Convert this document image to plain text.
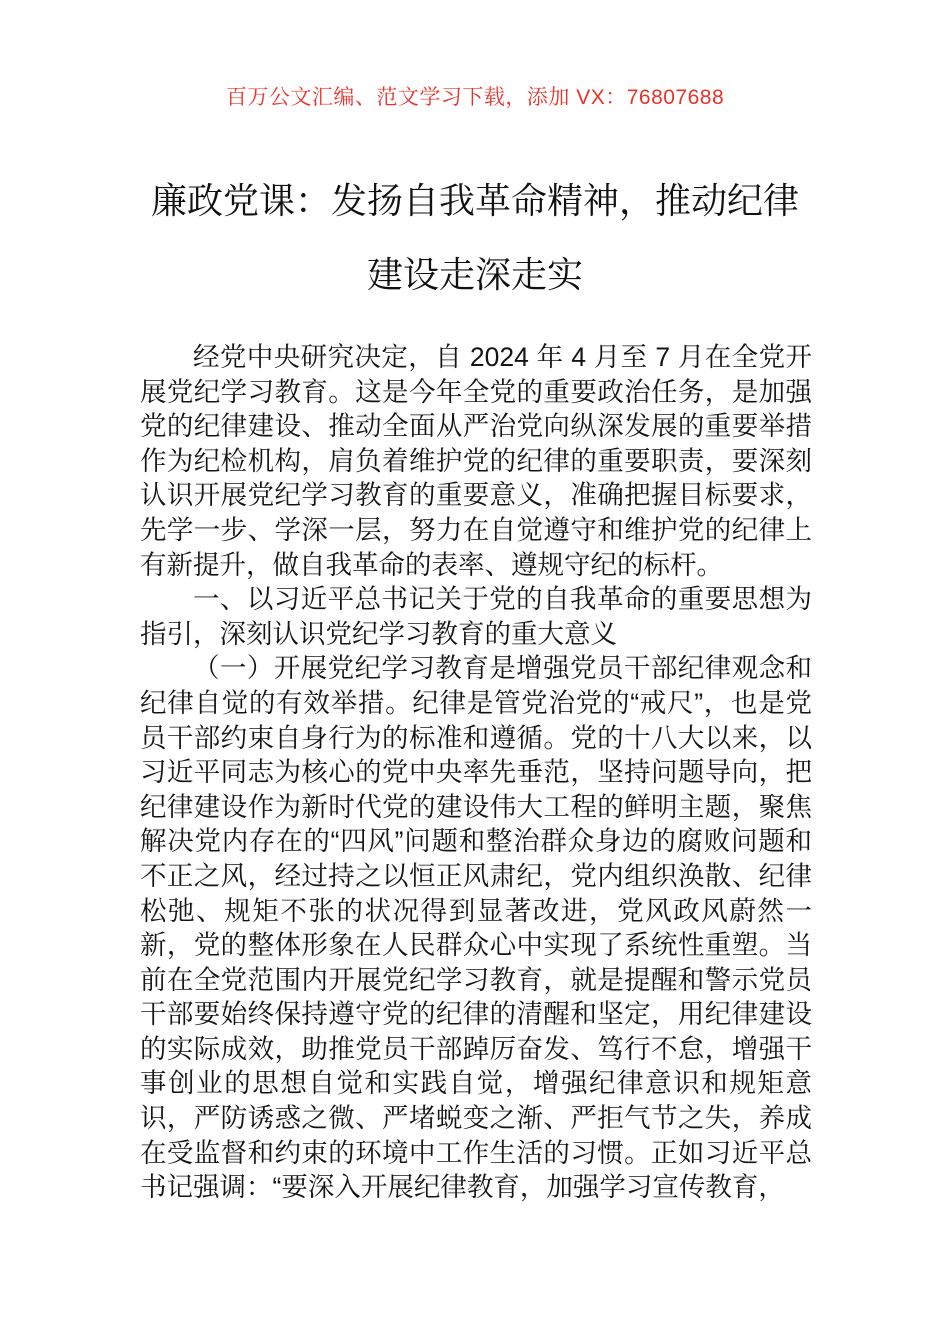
百万公文汇编、范文学习下载，添加 VX：76807688
廉政党课：发扬自我革命精神，推动纪律建设走深走实

经党中央研究决定，自 2024 年 4 月至 7 月在全党开展党纪学习教育。这是今年全党的重要政治任务，是加强党的纪律建设、推动全面从严治党向纵深发展的重要举措作为纪检机构，肩负着维护党的纪律的重要职责，要深刻认识开展党纪学习教育的重要意义，准确把握目标要求，先学一步、学深一层，努力在自觉遵守和维护党的纪律上有新提升，做自我革命的表率、遵规守纪的标杆。

一、以习近平总书记关于党的自我革命的重要思想为指引，深刻认识党纪学习教育的重大意义

（一）开展党纪学习教育是增强党员干部纪律观念和纪律自觉的有效举措。纪律是管党治党的“戒尺”，也是党员干部约束自身行为的标准和遵循。党的十八大以来，以习近平同志为核心的党中央率先垂范，坚持问题导向，把纪律建设作为新时代党的建设伟大工程的鲜明主题，聚焦解决党内存在的“四风”问题和整治群众身边的腐败问题和不正之风，经过持之以恒正风肃纪，党内组织涣散、纪律松弛、规矩不张的状况得到显著改进，党风政风蔚然一新，党的整体形象在人民群众心中实现了系统性重塑。当前在全党范围内开展党纪学习教育，就是提醒和警示党员干部要始终保持遵守党的纪律的清醒和坚定，用纪律建设的实际成效，助推党员干部踔厉奋发、笃行不怠，增强干事创业的思想自觉和实践自觉，增强纪律意识和规矩意识，严防诱惑之微、严堵蜕变之渐、严拒气节之失，养成在受监督和约束的环境中工作生活的习惯。正如习近平总书记强调：“要深入开展纪律教育，加强学习宣传教育，
